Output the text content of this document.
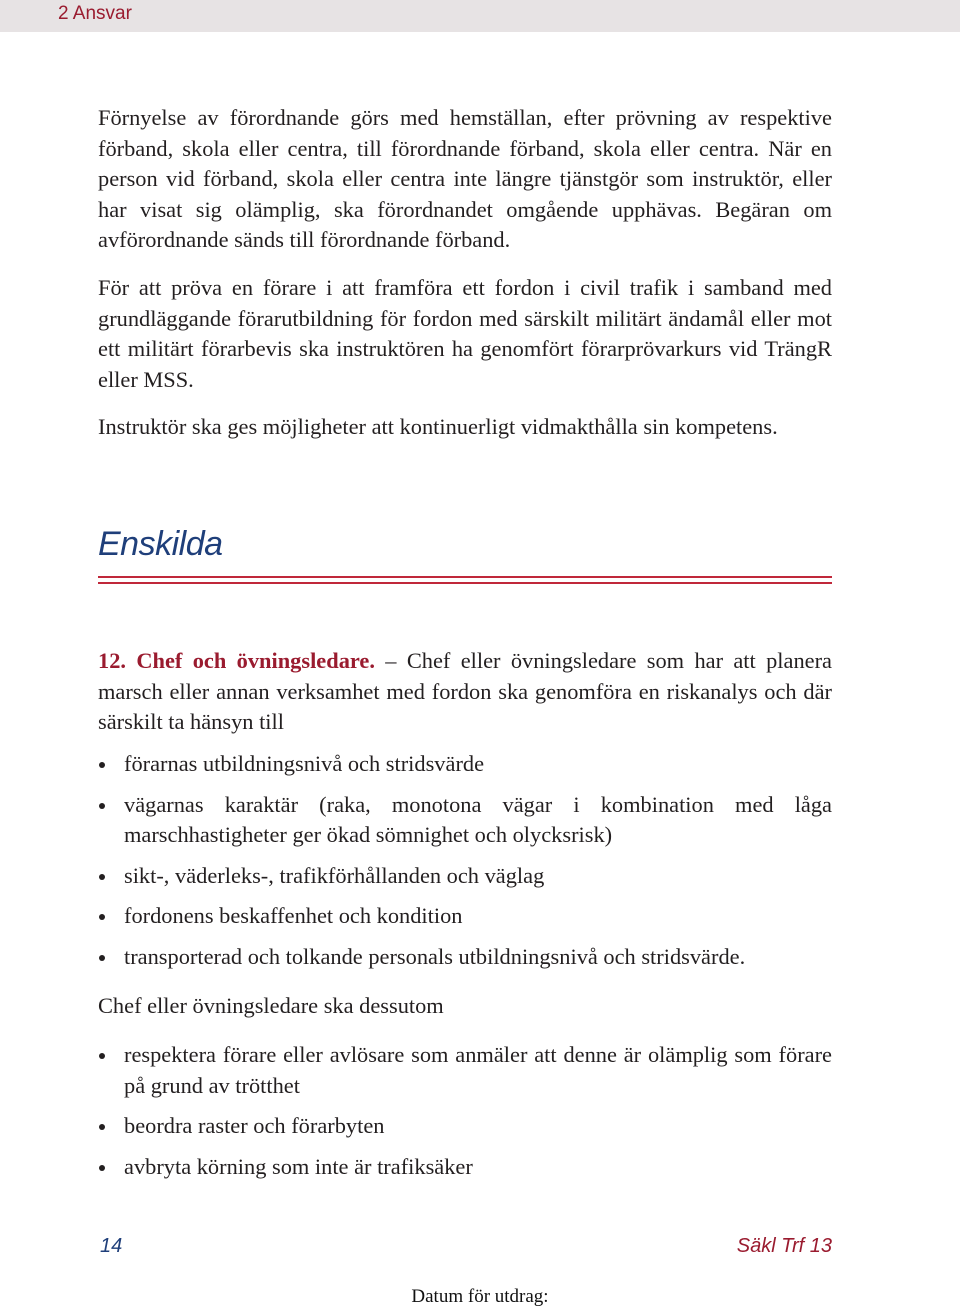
2 Ansvar

Förnyelse av förordnande görs med hemställan, efter prövning av respektive förband, skola eller centra, till förordnande förband, skola eller centra. När en person vid förband, skola eller centra inte längre tjänstgör som instruktör, eller har visat sig olämplig, ska förordnandet omgående upphävas. Begäran om avförordnande sänds till förordnande förband.

För att pröva en förare i att framföra ett fordon i civil trafik i samband med grundläggande förarutbildning för fordon med särskilt militärt ändamål eller mot ett militärt förarbevis ska instruktören ha genomfört förarprövarkurs vid TrängR eller MSS.

Instruktör ska ges möjligheter att kontinuerligt vidmakthålla sin kompetens.

Enskilda

12. Chef och övningsledare. – Chef eller övningsledare som har att planera marsch eller annan verksamhet med fordon ska genomföra en riskanalys och där särskilt ta hänsyn till

förarnas utbildningsnivå och stridsvärde
vägarnas karaktär (raka, monotona vägar i kombination med låga marschhastigheter ger ökad sömnighet och olycksrisk)
sikt-, väderleks-, trafikförhållanden och väglag
fordonens beskaffenhet och kondition
transporterad och tolkande personals utbildningsnivå och stridsvärde.

Chef eller övningsledare ska dessutom

respektera förare eller avlösare som anmäler att denne är olämplig som förare på grund av trötthet
beordra raster och förarbyten
avbryta körning som inte är trafiksäker
14	Säkl Trf 13
Datum för utdrag:
